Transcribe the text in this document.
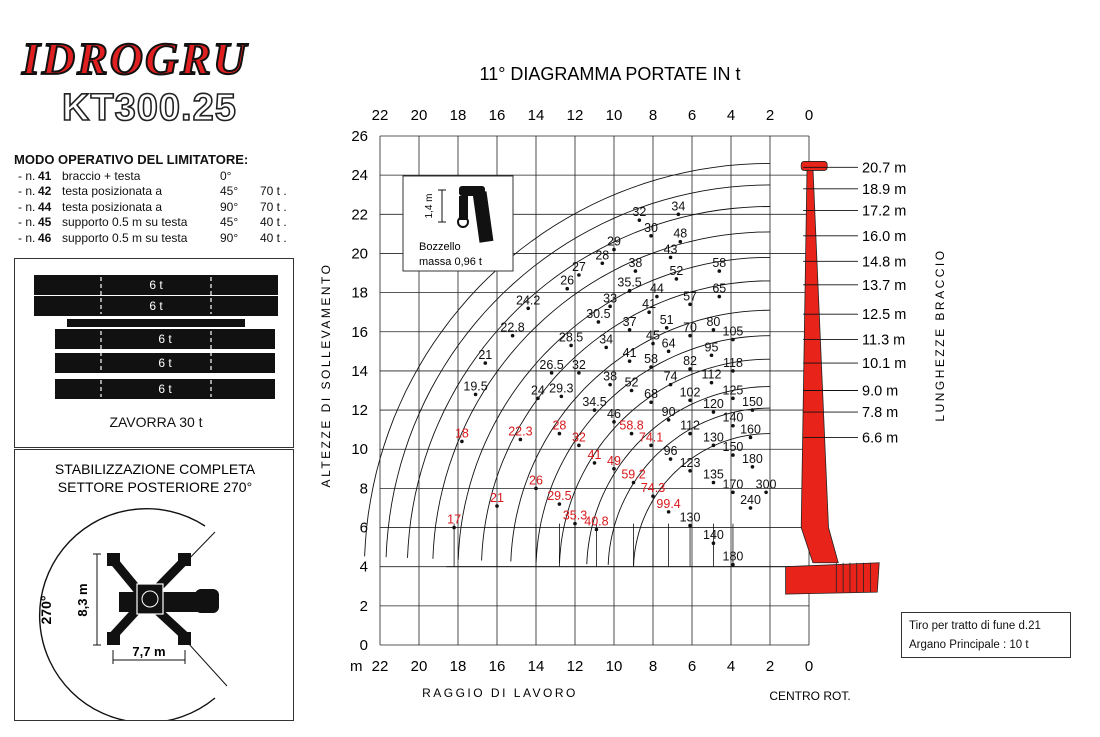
IDROGRU
KT300.25
MODO OPERATIVO DEL LIMITATORE:
- n. 41 braccio + testa	0°
- n. 42 testa posizionata a	45° 70 t .
- n. 44 testa posizionata a	90° 70 t .
- n. 45 supporto 0.5 m su testa	45° 40 t .
- n. 46 supporto 0.5 m su testa	90° 40 t .
6 t
6 t
6 t
6 t
6 t
ZAVORRA 30 t
STABILIZZAZIONE COMPLETA
SETTORE POSTERIORE 270°
270° 8,3 m
7,7 m
11° DIAGRAMMA PORTATE IN t
22
22
20
20
18
18
16
16
14
14
12
12
10
10
8
8
6
6
4
4
2
2
0
0
0
2
4
6
8
10
12
14
16
18
20
22
24
26
34
32
30
29
28
27
26
24.2
22.8
21
19.5
18
17
48
43
38
35.5
33
30.5
28.5
26.5
24
22.3
21
58
52
44
41
37
34
32
29.3
28
26
65
57
51
45
41
38
34.5
32
29.5
80
70
64
58
52
46
41
35.3
105
95
82
74
68
58.8
49
40.8
118
112
102
90
74.1
59.2
125
120
112
96
74.3
150
140
130
123
99.4
160
150
135
130
180
170
140
300
240
180
20.7 m
18.9 m
17.2 m
16.0 m
14.8 m
13.7 m
12.5 m
11.3 m
10.1 m
9.0 m
7.8 m
6.6 m
m
RAGGIO DI LAVORO	CENTRO ROT.
ALTEZZE DI SOLLEVAMENTO	LUNGHEZZE BRACCIO
1,4 m
Bozzello
massa 0,96 t
Tiro per tratto di fune d.21
Argano Principale : 10 t
